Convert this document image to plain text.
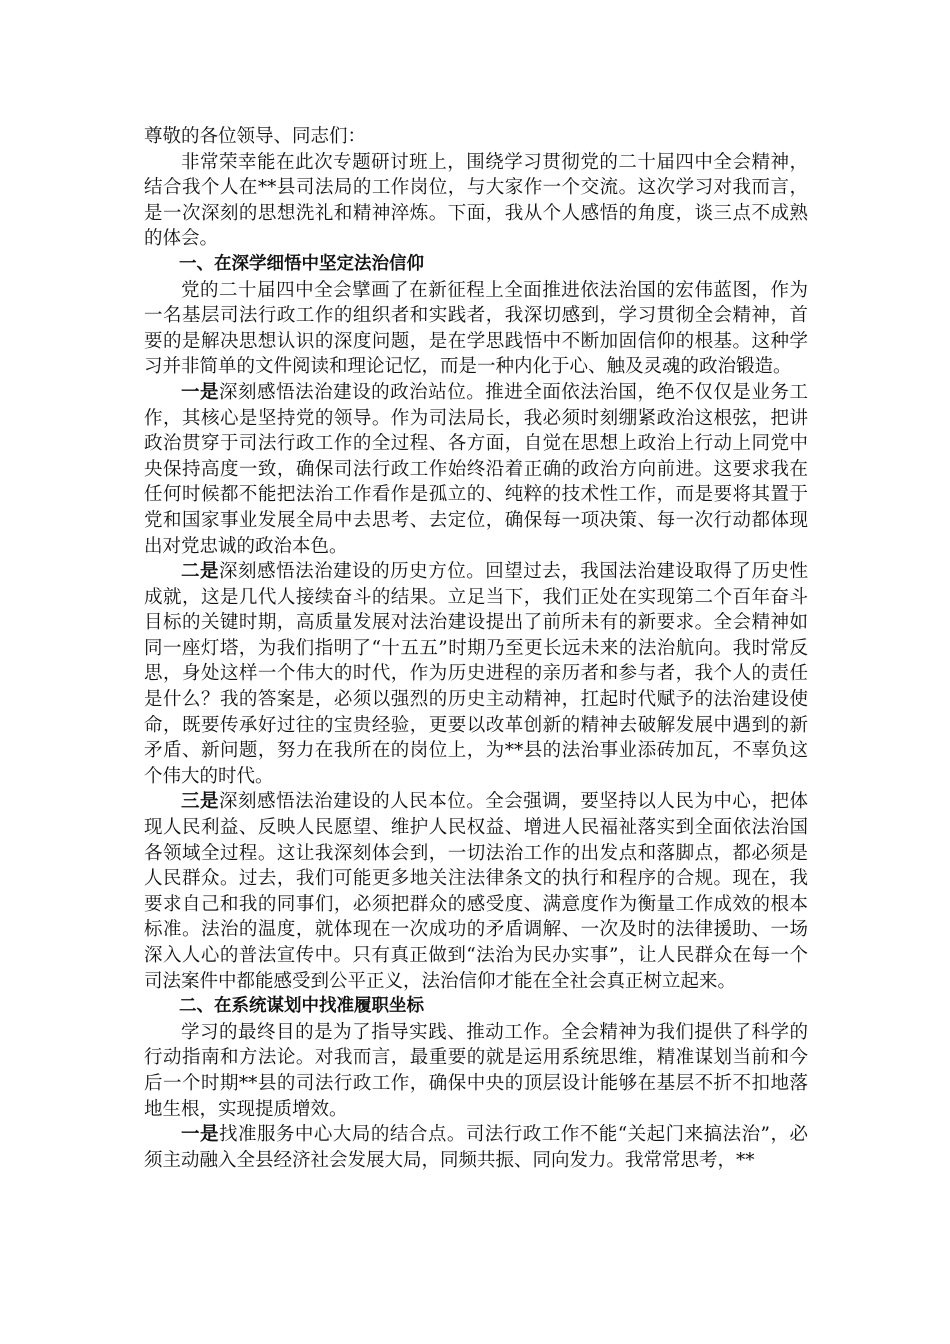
尊敬的各位领导、同志们：

非常荣幸能在此次专题研讨班上，围绕学习贯彻党的二十届四中全会精神，结合我个人在**县司法局的工作岗位，与大家作一个交流。这次学习对我而言，是一次深刻的思想洗礼和精神淬炼。下面，我从个人感悟的角度，谈三点不成熟的体会。

一、在深学细悟中坚定法治信仰

党的二十届四中全会擘画了在新征程上全面推进依法治国的宏伟蓝图，作为一名基层司法行政工作的组织者和实践者，我深切感到，学习贯彻全会精神，首要的是解决思想认识的深度问题，是在学思践悟中不断加固信仰的根基。这种学习并非简单的文件阅读和理论记忆，而是一种内化于心、触及灵魂的政治锻造。

一是深刻感悟法治建设的政治站位。推进全面依法治国，绝不仅仅是业务工作，其核心是坚持党的领导。作为司法局长，我必须时刻绷紧政治这根弦，把讲政治贯穿于司法行政工作的全过程、各方面，自觉在思想上政治上行动上同党中央保持高度一致，确保司法行政工作始终沿着正确的政治方向前进。这要求我在任何时候都不能把法治工作看作是孤立的、纯粹的技术性工作，而是要将其置于党和国家事业发展全局中去思考、去定位，确保每一项决策、每一次行动都体现出对党忠诚的政治本色。

二是深刻感悟法治建设的历史方位。回望过去，我国法治建设取得了历史性成就，这是几代人接续奋斗的结果。立足当下，我们正处在实现第二个百年奋斗目标的关键时期，高质量发展对法治建设提出了前所未有的新要求。全会精神如同一座灯塔，为我们指明了“十五五”时期乃至更长远未来的法治航向。我时常反思，身处这样一个伟大的时代，作为历史进程的亲历者和参与者，我个人的责任是什么？我的答案是，必须以强烈的历史主动精神，扛起时代赋予的法治建设使命，既要传承好过往的宝贵经验，更要以改革创新的精神去破解发展中遇到的新矛盾、新问题，努力在我所在的岗位上，为**县的法治事业添砖加瓦，不辜负这个伟大的时代。

三是深刻感悟法治建设的人民本位。全会强调，要坚持以人民为中心，把体现人民利益、反映人民愿望、维护人民权益、增进人民福祉落实到全面依法治国各领域全过程。这让我深刻体会到，一切法治工作的出发点和落脚点，都必须是人民群众。过去，我们可能更多地关注法律条文的执行和程序的合规。现在，我要求自己和我的同事们，必须把群众的感受度、满意度作为衡量工作成效的根本标准。法治的温度，就体现在一次成功的矛盾调解、一次及时的法律援助、一场深入人心的普法宣传中。只有真正做到“法治为民办实事”，让人民群众在每一个司法案件中都能感受到公平正义，法治信仰才能在全社会真正树立起来。

二、在系统谋划中找准履职坐标

学习的最终目的是为了指导实践、推动工作。全会精神为我们提供了科学的行动指南和方法论。对我而言，最重要的就是运用系统思维，精准谋划当前和今后一个时期**县的司法行政工作，确保中央的顶层设计能够在基层不折不扣地落地生根，实现提质增效。

一是找准服务中心大局的结合点。司法行政工作不能“关起门来搞法治”，必须主动融入全县经济社会发展大局，同频共振、同向发力。我常常思考，**
